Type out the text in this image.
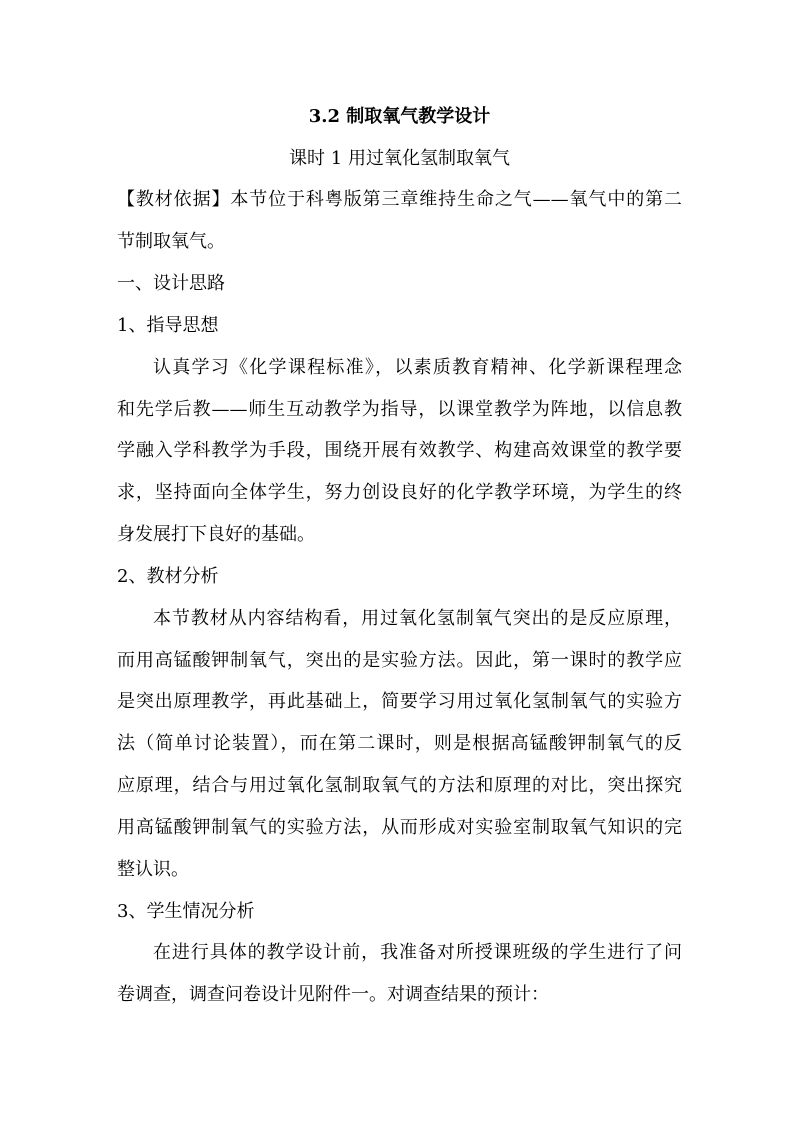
3.2 制取氧气教学设计
课时 1 用过氧化氢制取氧气
【教材依据】本节位于科粤版第三章维持生命之气——氧气中的第二
节制取氧气。
一、设计思路
1、指导思想
认真学习《化学课程标准》，以素质教育精神、化学新课程理念
和先学后教——师生互动教学为指导，以课堂教学为阵地，以信息教
学融入学科教学为手段，围绕开展有效教学、构建高效课堂的教学要
求，坚持面向全体学生，努力创设良好的化学教学环境，为学生的终
身发展打下良好的基础。
2、教材分析
本节教材从内容结构看，用过氧化氢制氧气突出的是反应原理，
而用高锰酸钾制氧气，突出的是实验方法。因此，第一课时的教学应
是突出原理教学，再此基础上，简要学习用过氧化氢制氧气的实验方
法（简单讨论装置），而在第二课时，则是根据高锰酸钾制氧气的反
应原理，结合与用过氧化氢制取氧气的方法和原理的对比，突出探究
用高锰酸钾制氧气的实验方法，从而形成对实验室制取氧气知识的完
整认识。
3、学生情况分析
在进行具体的教学设计前，我准备对所授课班级的学生进行了问
卷调查，调查问卷设计见附件一。对调查结果的预计：
